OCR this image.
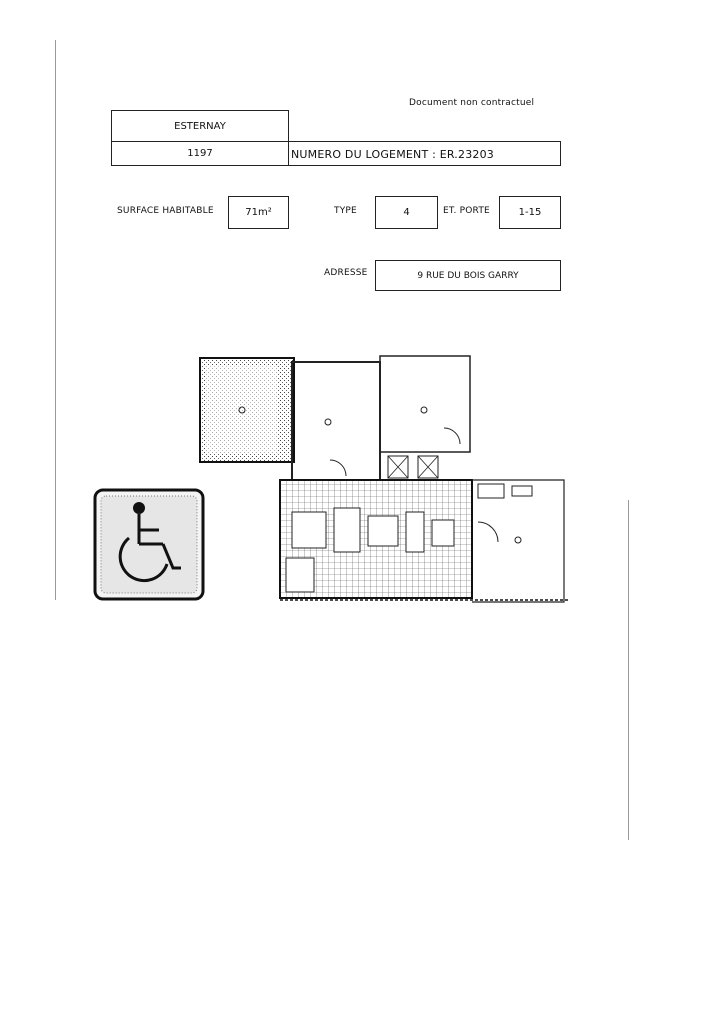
Document non contractuel
ESTERNAY
1197	NUMERO DU LOGEMENT : ER.23203
SURFACE HABITABLE	71m²	TYPE	4	ET. PORTE	1-15
ADRESSE	9 RUE DU BOIS GARRY
